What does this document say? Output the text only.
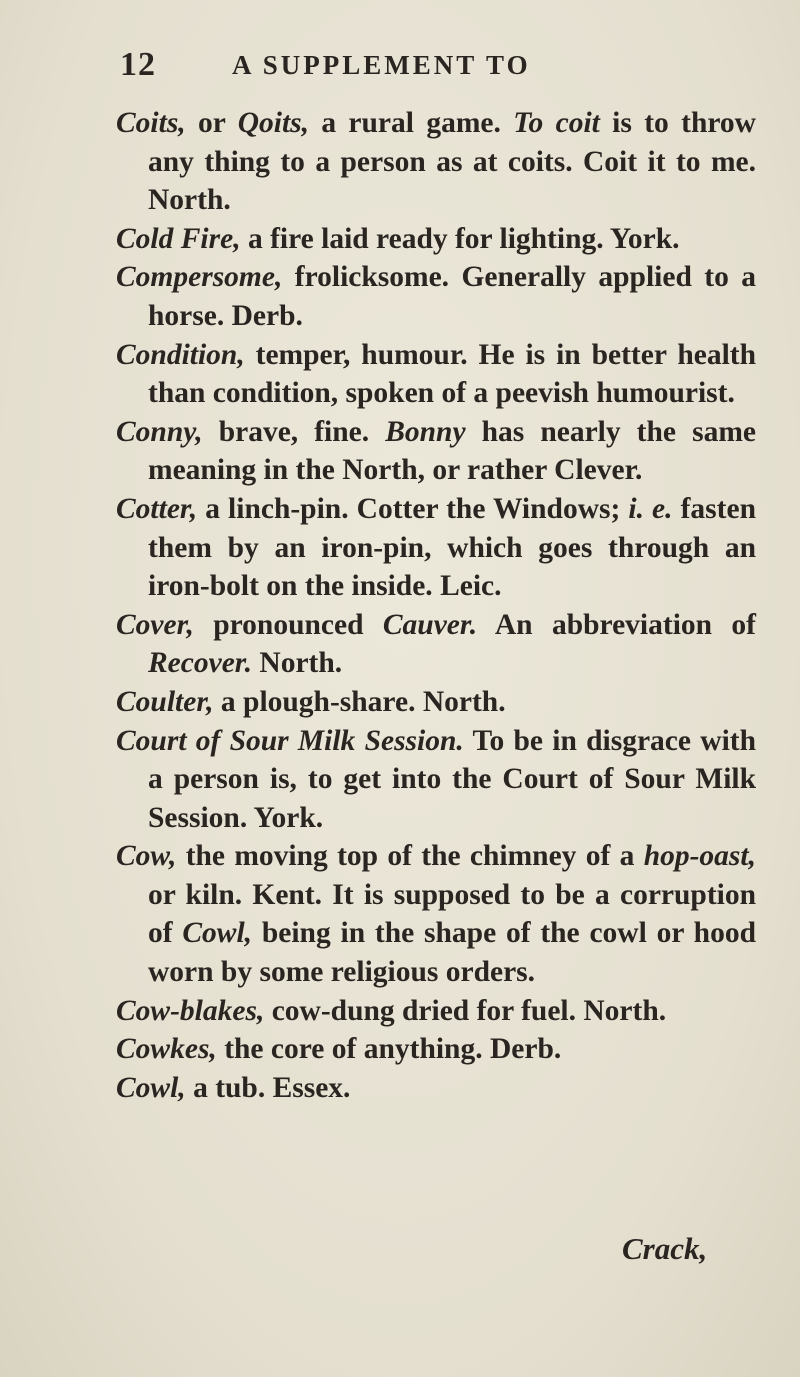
12	A SUPPLEMENT TO
Coits, or Qoits, a rural game. To coit is to throw any thing to a person as at coits. Coit it to me. North.
Cold Fire, a fire laid ready for lighting. York.
Compersome, frolicksome. Generally applied to a horse. Derb.
Condition, temper, humour. He is in better health than condition, spoken of a peevish humourist.
Conny, brave, fine. Bonny has nearly the same meaning in the North, or rather Clever.
Cotter, a linch-pin. Cotter the Windows; i. e. fasten them by an iron-pin, which goes through an iron-bolt on the inside. Leic.
Cover, pronounced Cauver. An abbreviation of Recover. North.
Coulter, a plough-share. North.
Court of Sour Milk Session. To be in disgrace with a person is, to get into the Court of Sour Milk Session. York.
Cow, the moving top of the chimney of a hop-oast, or kiln. Kent. It is supposed to be a corruption of Cowl, being in the shape of the cowl or hood worn by some religious orders.
Cow-blakes, cow-dung dried for fuel. North.
Cowkes, the core of anything. Derb.
Cowl, a tub. Essex.
Crack,
